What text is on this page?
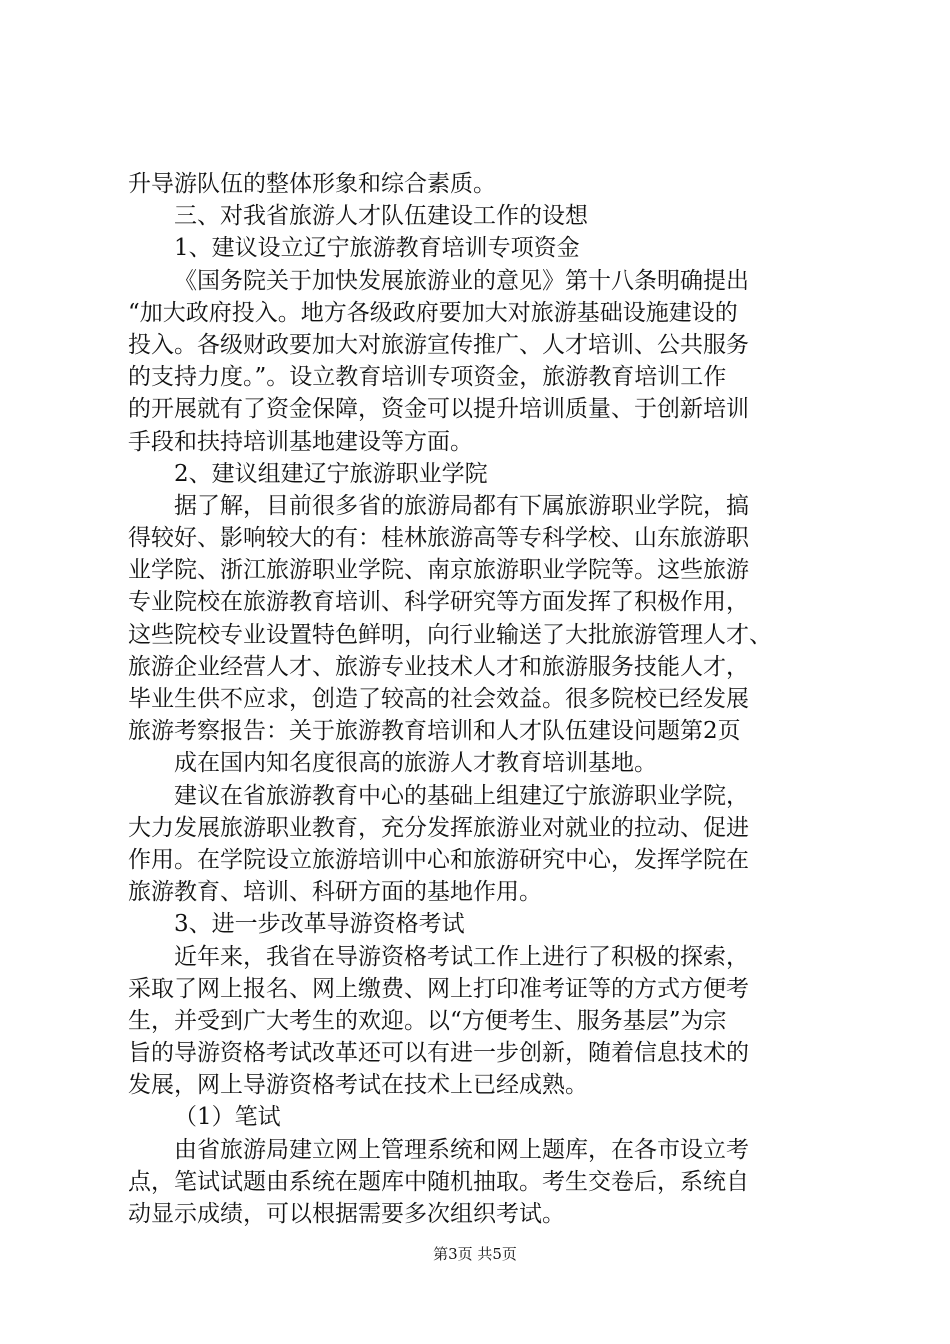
升导游队伍的整体形象和综合素质。
三、对我省旅游人才队伍建设工作的设想
1、建议设立辽宁旅游教育培训专项资金
《国务院关于加快发展旅游业的意见》第十八条明确提出
“加大政府投入。地方各级政府要加大对旅游基础设施建设的
投入。各级财政要加大对旅游宣传推广、人才培训、公共服务
的支持力度。”。设立教育培训专项资金，旅游教育培训工作
的开展就有了资金保障，资金可以提升培训质量、于创新培训
手段和扶持培训基地建设等方面。
2、建议组建辽宁旅游职业学院
据了解，目前很多省的旅游局都有下属旅游职业学院，搞
得较好、影响较大的有：桂林旅游高等专科学校、山东旅游职
业学院、浙江旅游职业学院、南京旅游职业学院等。这些旅游
专业院校在旅游教育培训、科学研究等方面发挥了积极作用，
这些院校专业设置特色鲜明，向行业输送了大批旅游管理人才、
旅游企业经营人才、旅游专业技术人才和旅游服务技能人才，
毕业生供不应求，创造了较高的社会效益。很多院校已经发展
旅游考察报告：关于旅游教育培训和人才队伍建设问题第2页
成在国内知名度很高的旅游人才教育培训基地。
建议在省旅游教育中心的基础上组建辽宁旅游职业学院，
大力发展旅游职业教育，充分发挥旅游业对就业的拉动、促进
作用。在学院设立旅游培训中心和旅游研究中心，发挥学院在
旅游教育、培训、科研方面的基地作用。
3、进一步改革导游资格考试
近年来，我省在导游资格考试工作上进行了积极的探索，
采取了网上报名、网上缴费、网上打印准考证等的方式方便考
生，并受到广大考生的欢迎。以“方便考生、服务基层”为宗
旨的导游资格考试改革还可以有进一步创新，随着信息技术的
发展，网上导游资格考试在技术上已经成熟。
（1）笔试
由省旅游局建立网上管理系统和网上题库，在各市设立考
点，笔试试题由系统在题库中随机抽取。考生交卷后，系统自
动显示成绩，可以根据需要多次组织考试。
第3页 共5页
